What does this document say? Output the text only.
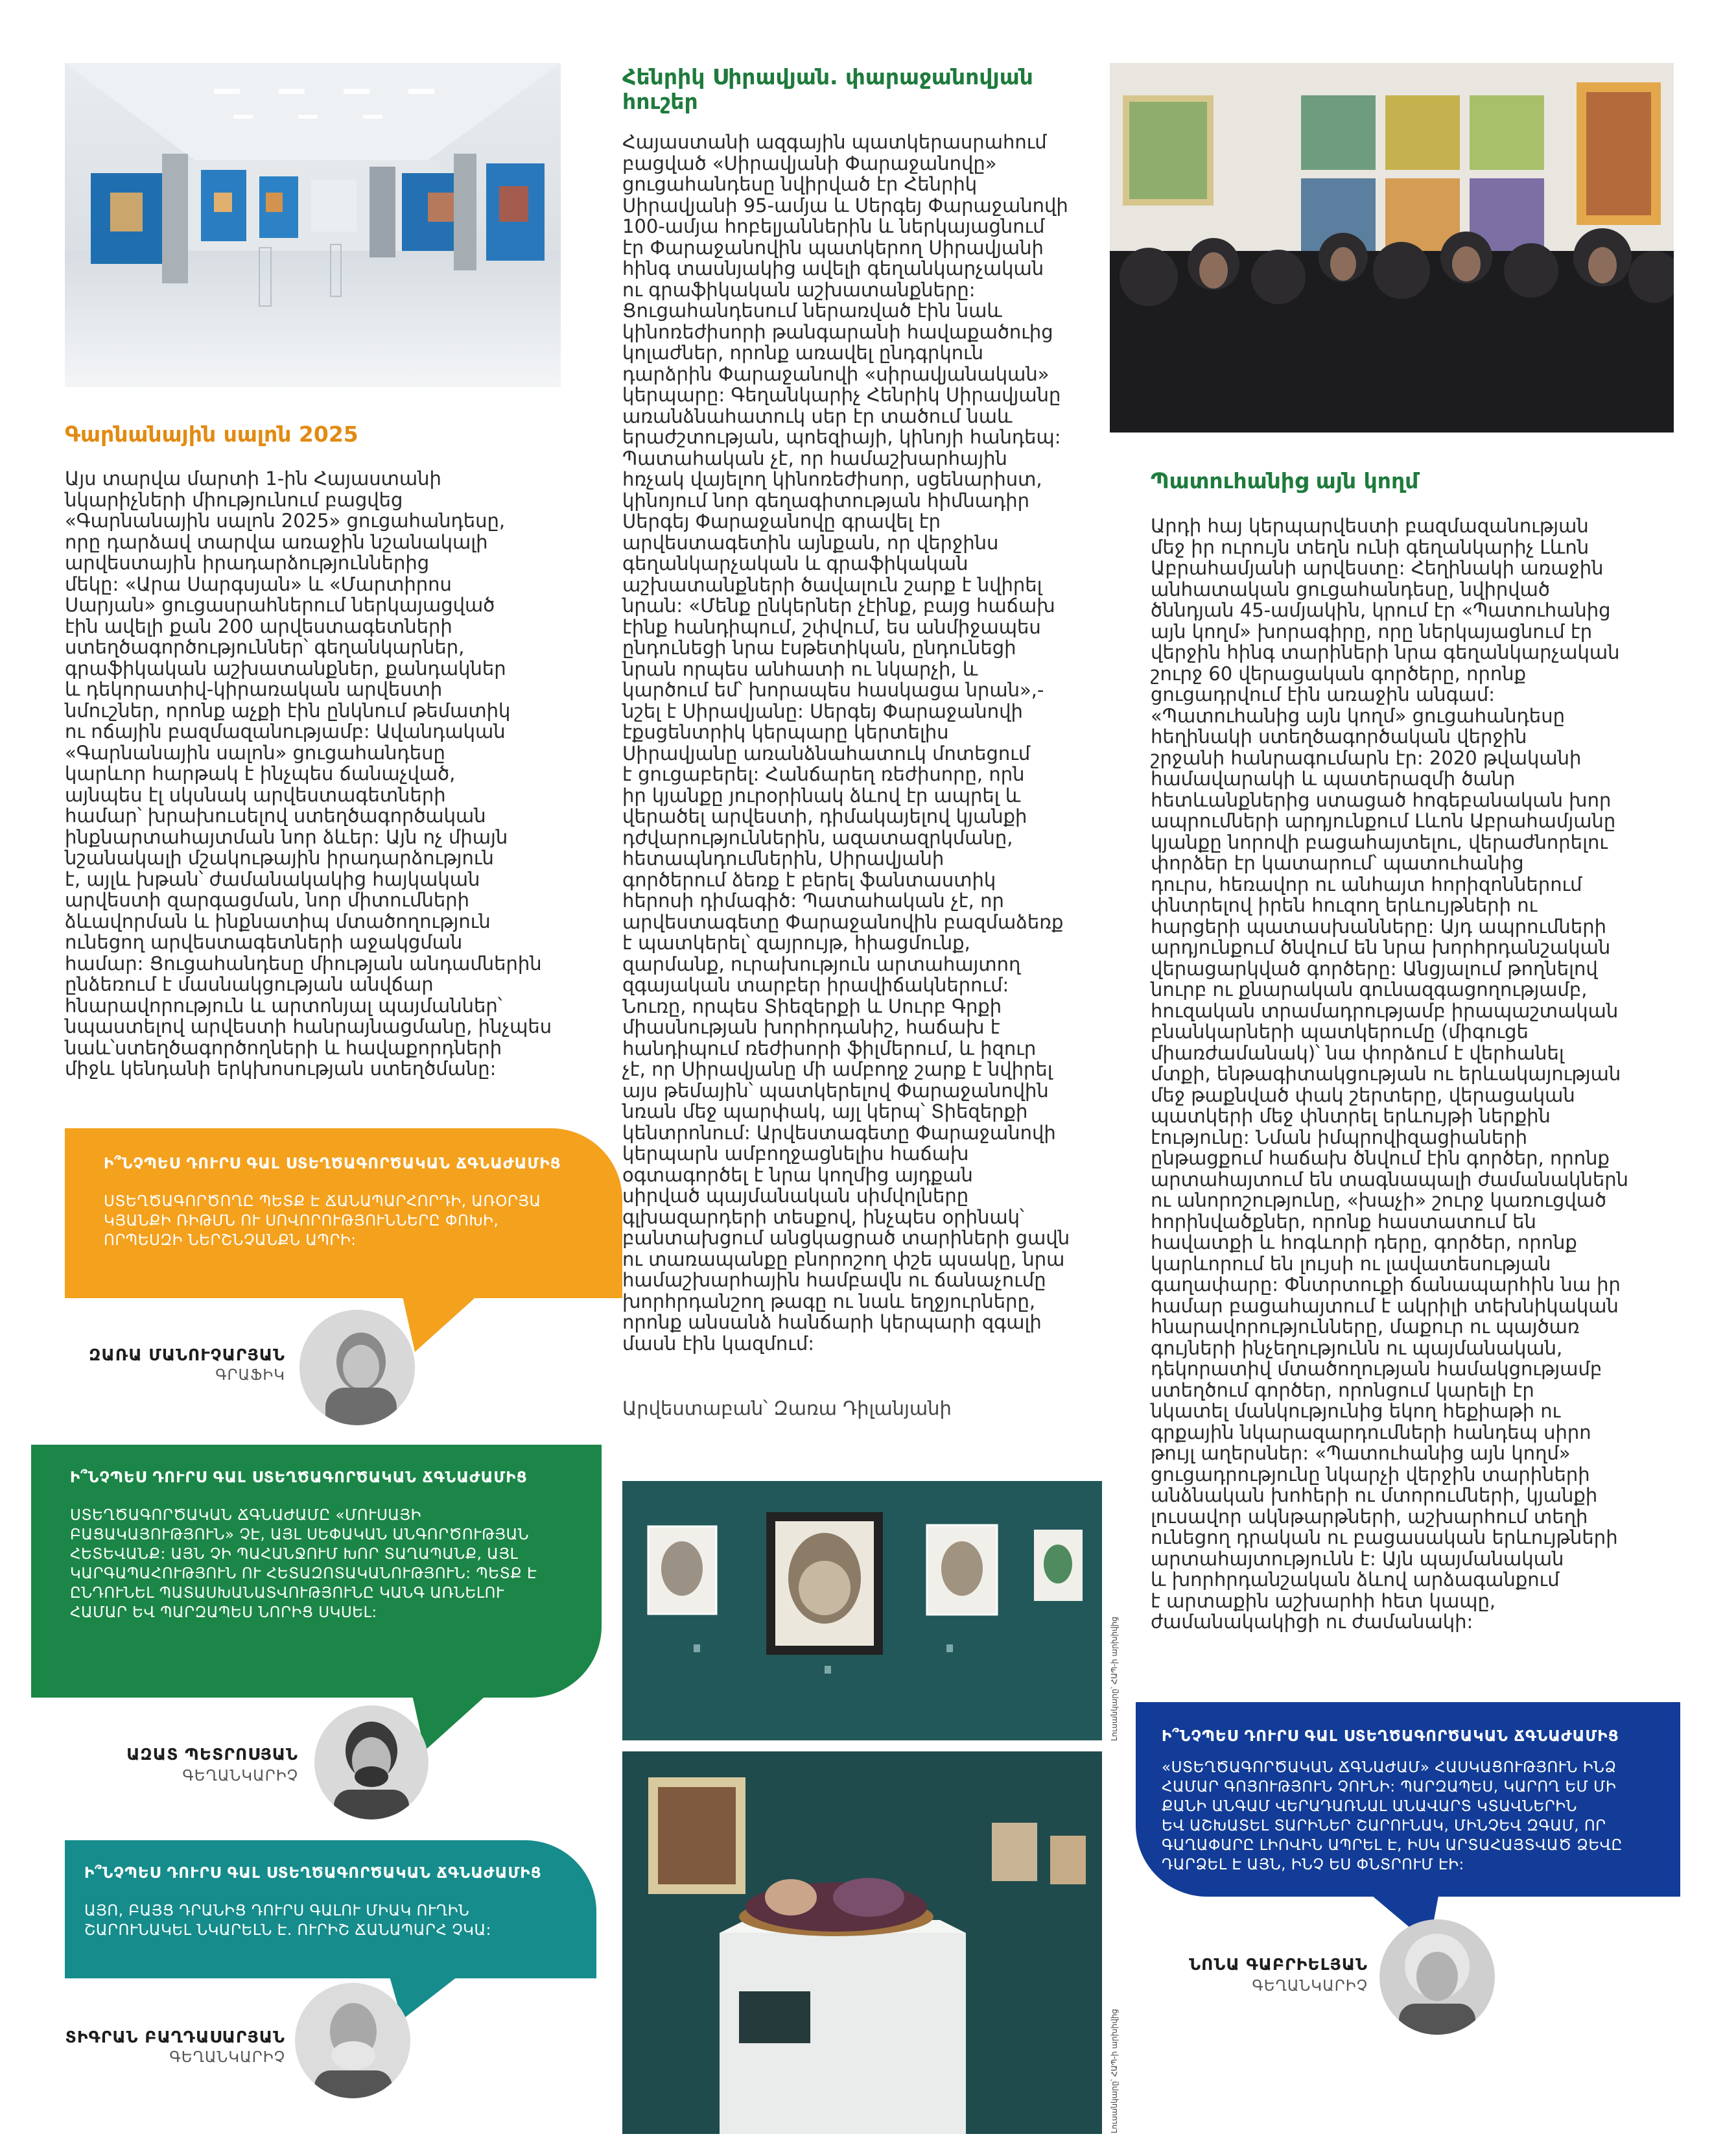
Գարնանային սալոն 2025
Այս տարվա մարտի 1-ին Հայաստանի
նկարիչների միությունում բացվեց
«Գարնանային սալոն 2025» ցուցահանդեսը,
որը դարձավ տարվա առաջին նշանակալի
արվեստային իրադարձություններից
մեկը: «Արա Սարգսյան» և «Մարտիրոս
Սարյան» ցուցասրահներում ներկայացված
էին ավելի քան 200 արվեստագետների
ստեղծագործություններ՝ գեղանկարներ,
գրաֆիկական աշխատանքներ, քանդակներ
և դեկորատիվ-կիրառական արվեստի
նմուշներ, որոնք աչքի էին ընկնում թեմատիկ
ու ոճային բազմազանությամբ: Ավանդական
«Գարնանային սալոն» ցուցահանդեսը
կարևոր հարթակ է ինչպես ճանաչված,
այնպես էլ սկսնակ արվեստագետների
համար՝ խրախուսելով ստեղծագործական
ինքնարտահայտման նոր ձևեր: Այն ոչ միայն
նշանակալի մշակութային իրադարձություն
է, այլև խթան՝ ժամանակակից հայկական
արվեստի զարգացման, նոր միտումների
ձևավորման և ինքնատիպ մտածողություն
ունեցող արվեստագետների աջակցման
համար: Ցուցահանդեսը միության անդամներին
ընձեռում է մասնակցության անվճար
հնարավորություն և արտոնյալ պայմաններ՝
նպաստելով արվեստի հանրայնացմանը, ինչպես
նաև՝ստեղծագործողների և հավաքորդների
միջև կենդանի երկխոսության ստեղծմանը:
Ի՞ՆՉՊԵՍ ԴՈՒՐՍ ԳԱԼ ՍՏԵՂԾԱԳՈՐԾԱԿԱՆ ՃԳՆԱԺԱՄԻՑ
ՍՏԵՂԾԱԳՈՐԾՈՂԸ ՊԵՏՔ Է ՃԱՆԱՊԱՐՀՈՐԴԻ, ԱՌՕՐՅԱ
ԿՅԱՆՔԻ ՌԻԹՄՆ ՈՒ ՍՈՎՈՐՈՒԹՅՈՒՆՆԵՐԸ ՓՈԽԻ,
ՈՐՊԵՍԶԻ ՆԵՐՇՆՉԱՆՔՆ ԱՊՐԻ:
ԶԱՌԱ ՄԱՆՈՒՉԱՐՅԱՆ
ԳՐԱՖԻԿ
Ի՞ՆՉՊԵՍ ԴՈՒՐՍ ԳԱԼ ՍՏԵՂԾԱԳՈՐԾԱԿԱՆ ՃԳՆԱԺԱՄԻՑ
ՍՏԵՂԾԱԳՈՐԾԱԿԱՆ ՃԳՆԱԺԱՄԸ «ՄՈՒՍԱՅԻ
ԲԱՑԱԿԱՅՈՒԹՅՈՒՆ» ՉԷ, ԱՅԼ ՍԵՓԱԿԱՆ ԱՆԳՈՐԾՈՒԹՅԱՆ
ՀԵՏԵՎԱՆՔ: ԱՅՆ ՉԻ ՊԱՀԱՆՋՈՒՄ ԽՈՐ ՏԱՂԱՊԱՆՔ, ԱՅԼ
ԿԱՐԳԱՊԱՀՈՒԹՅՈՒՆ ՈՒ ՀԵՏԱԶՈՏԱԿԱՆՈՒԹՅՈՒՆ: ՊԵՏՔ Է
ԸՆԴՈՒՆԵԼ ՊԱՏԱՍԽԱՆԱՏՎՈՒԹՅՈՒՆԸ ԿԱՆԳ ԱՌՆԵԼՈՒ
ՀԱՄԱՐ ԵՎ ՊԱՐԶԱՊԵՍ ՆՈՐԻՑ ՍԿՍԵԼ:
ԱԶԱՏ ՊԵՏՐՈՍՅԱՆ
ԳԵՂԱՆԿԱՐԻՉ
Ի՞ՆՉՊԵՍ ԴՈՒՐՍ ԳԱԼ ՍՏԵՂԾԱԳՈՐԾԱԿԱՆ ՃԳՆԱԺԱՄԻՑ
ԱՅՈ, ԲԱՅՑ ԴՐԱՆԻՑ ԴՈՒՐՍ ԳԱԼՈՒ ՄԻԱԿ ՈՒՂԻՆ
ՇԱՐՈՒՆԱԿԵԼ ՆԿԱՐԵԼՆ Է. ՈՒՐԻՇ ՃԱՆԱՊԱՐՀ ՉԿԱ:
ՏԻԳՐԱՆ ԲԱՂԴԱՍԱՐՅԱՆ
ԳԵՂԱՆԿԱՐԻՉ
Հենրիկ Սիրավյան. փարաջանովյան
հուշեր
Հայաստանի ազգային պատկերասրահում
բացված «Սիրավյանի Փարաջանովը»
ցուցահանդեսը նվիրված էր Հենրիկ
Սիրավյանի 95-ամյա և Սերգեյ Փարաջանովի
100-ամյա հոբելյաններին և ներկայացնում
էր Փարաջանովին պատկերող Սիրավյանի
հինգ տասնյակից ավելի գեղանկարչական
ու գրաֆիկական աշխատանքները:
Ցուցահանդեսում ներառված էին նաև
կինոռեժիսորի թանգարանի հավաքածուից
կոլաժներ, որոնք առավել ընդգրկուն
դարձրին Փարաջանովի «սիրավյանական»
կերպարը: Գեղանկարիչ Հենրիկ Սիրավյանը
առանձնահատուկ սեր էր տածում նաև
երաժշտության, պոեզիայի, կինոյի հանդեպ:
Պատահական չէ, որ համաշխարհային
հռչակ վայելող կինոռեժիսոր, սցենարիստ,
կինոյում նոր գեղագիտության հիմնադիր
Սերգեյ Փարաջանովը գրավել էր
արվեստագետին այնքան, որ վերջինս
գեղանկարչական և գրաֆիկական
աշխատանքների ծավալուն շարք է նվիրել
նրան: «Մենք ընկերներ չէինք, բայց հաճախ
էինք հանդիպում, շփվում, ես անմիջապես
ընդունեցի նրա էսթետիկան, ընդունեցի
նրան որպես անհատի ու նկարչի, և
կարծում եմ՝ խորապես հասկացա նրան»,-
նշել է Սիրավյանը: Սերգեյ Փարաջանովի
էքսցենտրիկ կերպարը կերտելիս
Սիրավյանը առանձնահատուկ մոտեցում
է ցուցաբերել: Հանճարեղ ռեժիսորը, որն
իր կյանքը յուրօրինակ ձևով էր ապրել և
վերածել արվեստի, դիմակայելով կյանքի
դժվարություններին, ազատազրկմանը,
հետապնդումներին, Սիրավյանի
գործերում ձեռք է բերել ֆանտաստիկ
հերոսի դիմագիծ: Պատահական չէ, որ
արվեստագետը Փարաջանովին բազմաձեռք
է պատկերել՝ զայրույթ, հիացմունք,
զարմանք, ուրախություն արտահայտող
զգայական տարբեր իրավիճակներում:
Նուռը, որպես Տիեզերքի և Սուրբ Գրքի
միասնության խորհրդանիշ, հաճախ է
հանդիպում ռեժիսորի ֆիլմերում, և իզուր
չէ, որ Սիրավյանը մի ամբողջ շարք է նվիրել
այս թեմային՝ պատկերելով Փարաջանովին
նռան մեջ պարփակ, այլ կերպ՝ Տիեզերքի
կենտրոնում: Արվեստագետը Փարաջանովի
կերպարն ամբողջացնելիս հաճախ
օգտագործել է նրա կողմից այդքան
սիրված պայմանական սիմվոլները
գլխազարդերի տեսքով, ինչպես օրինակ՝
բանտախցում անցկացրած տարիների ցավն
ու տառապանքը բնորոշող փշե պսակը, նրա
համաշխարհային համբավն ու ճանաչումը
խորհրդանշող թագը ու նաև եղջյուրները,
որոնք անսանձ հանճարի կերպարի զգալի
մասն էին կազմում:
Արվեստաբան՝ Զառա Դիլանյանի
Պատուհանից այն կողմ
Արդի հայ կերպարվեստի բազմազանության
մեջ իր ուրույն տեղն ունի գեղանկարիչ Լևոն
Աբրահամյանի արվեստը: Հեղինակի առաջին
անհատական ցուցահանդեսը, նվիրված
ծննդյան 45-ամյակին, կրում էր «Պատուհանից
այն կողմ» խորագիրը, որը ներկայացնում էր
վերջին հինգ տարիների նրա գեղանկարչական
շուրջ 60 վերացական գործերը, որոնք
ցուցադրվում էին առաջին անգամ:
«Պատուհանից այն կողմ» ցուցահանդեսը
հեղինակի ստեղծագործական վերջին
շրջանի հանրագումարն էր: 2020 թվականի
համավարակի և պատերազմի ծանր
հետևանքներից ստացած հոգեբանական խոր
ապրումների արդյունքում Լևոն Աբրահամյանը
կյանքը նորովի բացահայտելու, վերաժնորելու
փորձեր էր կատարում՝ պատուհանից
դուրս, հեռավոր ու անհայտ հորիզոններում
փնտրելով իրեն հուզող երևույթների ու
հարցերի պատասխանները: Այդ ապրումների
արդյունքում ծնվում են նրա խորհրդանշական
վերացարկված գործերը: Անցյալում թողնելով
նուրբ ու քնարական գունազգացողությամբ,
հուզական տրամադրությամբ իրապաշտական
բնանկարների պատկերումը (միգուցե
միառժամանակ)՝ նա փորձում է վերհանել
մտքի, ենթագիտակցության ու երևակայության
մեջ թաքնված փակ շերտերը, վերացական
պատկերի մեջ փնտրել երևույթի ներքին
էությունը: Նման իմպրովիզացիաների
ընթացքում հաճախ ծնվում էին գործեր, որոնք
արտահայտում են տագնապալի ժամանակներն
ու անորոշությունը, «խաչի» շուրջ կառուցված
հորինվածքներ, որոնք հաստատում են
հավատքի և հոգևորի դերը, գործեր, որոնք
կարևորում են լույսի ու լավատեսության
գաղափարը: Փնտրտուքի ճանապարհին նա իր
համար բացահայտում է ակրիլի տեխնիկական
հնարավորությունները, մաքուր ու պայծառ
գույների ինչեղությունն ու պայմանական,
դեկորատիվ մտածողության համակցությամբ
ստեղծում գործեր, որոնցում կարելի էր
նկատել մանկությունից եկող հեքիաթի ու
գրքային նկարազարդումների հանդեպ սիրո
թույլ աղերսներ: «Պատուհանից այն կողմ»
ցուցադրությունը նկարչի վերջին տարիների
անձնական խոհերի ու մտորումների, կյանքի
լուսավոր ակնթարթների, աշխարհում տեղի
ունեցող դրական ու բացասական երևույթների
արտահայտությունն է: Այն պայմանական
և խորհրդանշական ձևով արձագանքում
է արտաքին աշխարհի հետ կապը,
ժամանակակիցի ու ժամանակի:
Լուսանկարը՝ ՀԱՊ-ի արխիվից
Լուսանկարը՝ ՀԱՊ-ի արխիվից
Ի՞ՆՉՊԵՍ ԴՈՒՐՍ ԳԱԼ ՍՏԵՂԾԱԳՈՐԾԱԿԱՆ ՃԳՆԱԺԱՄԻՑ
«ՍՏԵՂԾԱԳՈՐԾԱԿԱՆ ՃԳՆԱԺԱՄ» ՀԱՍԿԱՑՈՒԹՅՈՒՆ ԻՆՁ
ՀԱՄԱՐ ԳՈՅՈՒԹՅՈՒՆ ՉՈՒՆԻ: ՊԱՐԶԱՊԵՍ, ԿԱՐՈՂ ԵՄ ՄԻ
ՔԱՆԻ ԱՆԳԱՄ ՎԵՐԱԴԱՌՆԱԼ ԱՆԱՎԱՐՏ ԿՏԱՎՆԵՐԻՆ
ԵՎ ԱՇԽԱՏԵԼ ՏԱՐԻՆԵՐ ՇԱՐՈՒՆԱԿ, ՄԻՆՉԵՎ ԶԳԱՄ, ՈՐ
ԳԱՂԱՓԱՐԸ ԼԻՈՎԻՆ ԱՊՐԵԼ Է, ԻՍԿ ԱՐՏԱՀԱՅՏՎԱԾ ՁԵՎԸ
ԴԱՐՁԵԼ Է ԱՅՆ, ԻՆՉ ԵՍ ՓՆՏՐՈՒՄ ԷԻ:
ՆՈՆԱ ԳԱԲՐԻԵԼՅԱՆ
ԳԵՂԱՆԿԱՐԻՉ
